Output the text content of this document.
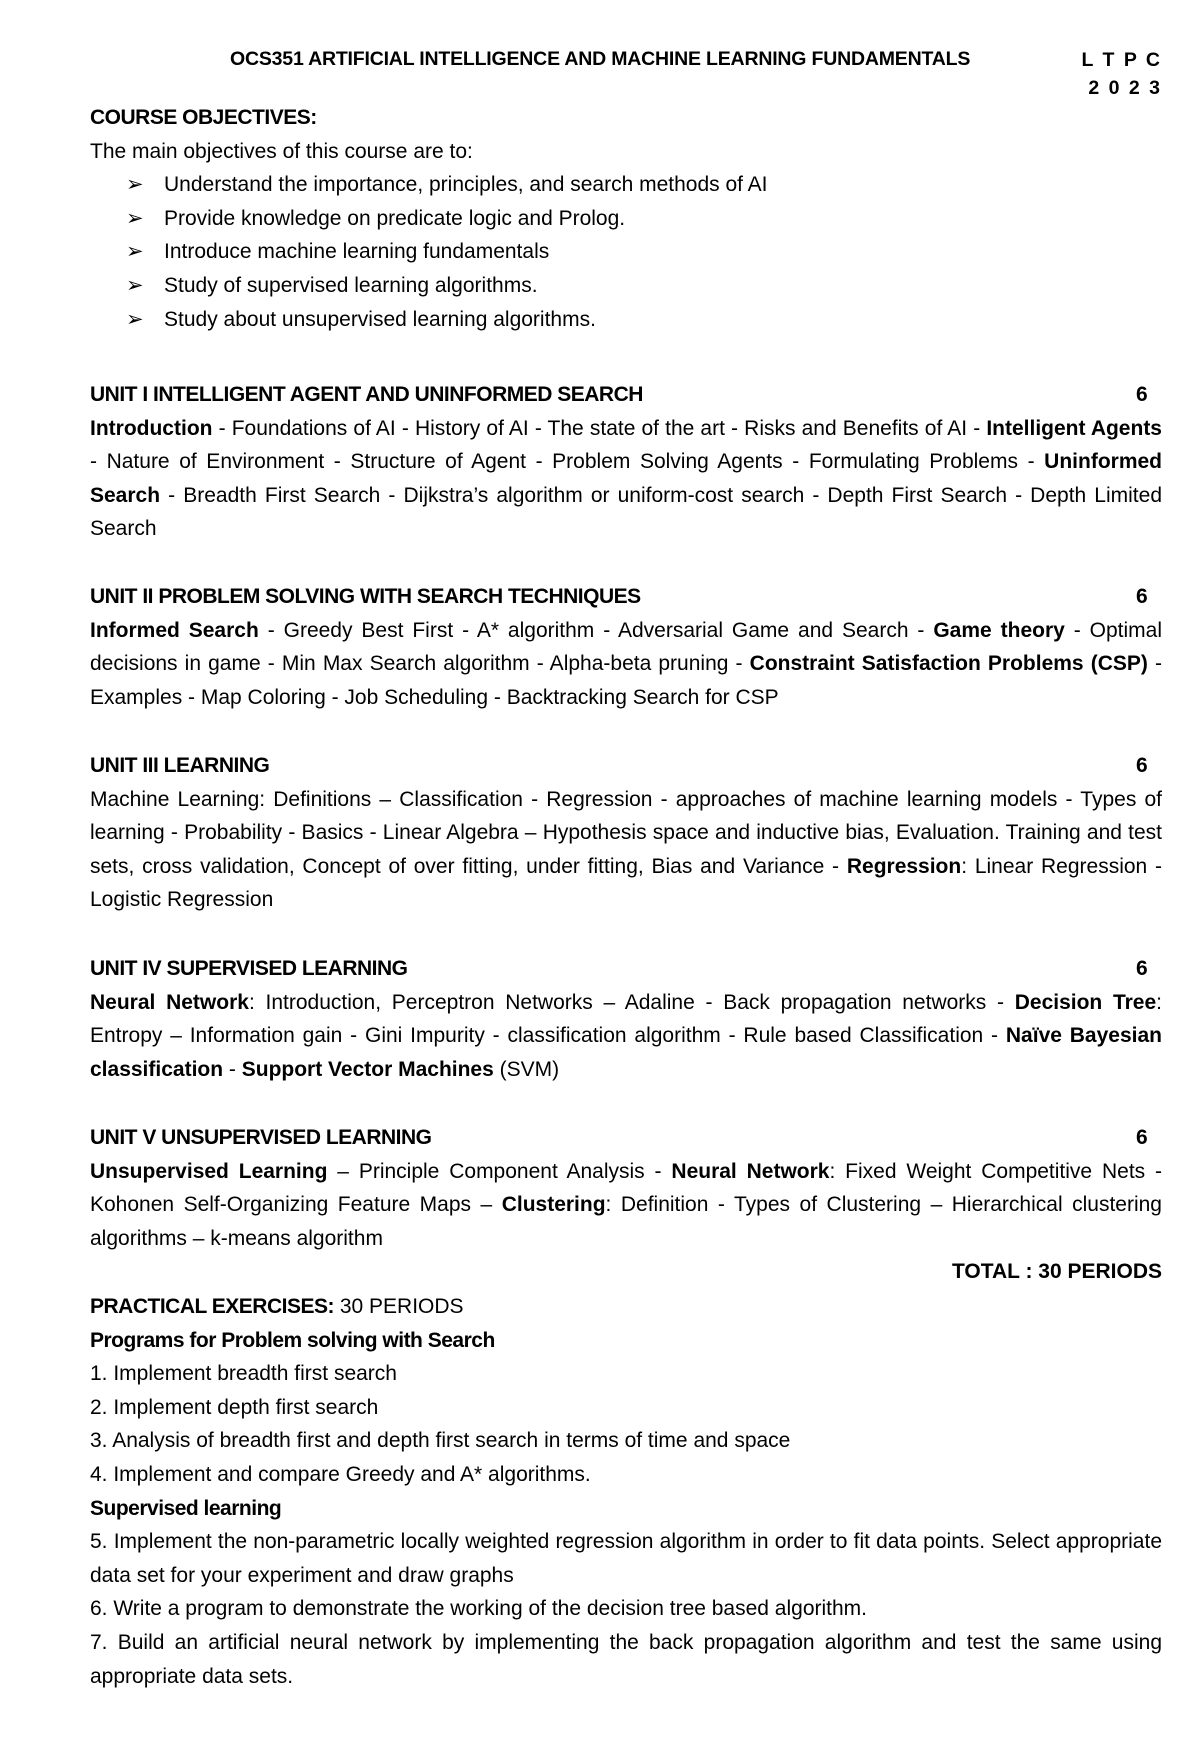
OCS351 ARTIFICIAL INTELLIGENCE AND MACHINE LEARNING FUNDAMENTALS	L T P C
2 0 2 3
COURSE OBJECTIVES:
The main objectives of this course are to:
➢ Understand the importance, principles, and search methods of AI
➢ Provide knowledge on predicate logic and Prolog.
➢ Introduce machine learning fundamentals
➢ Study of supervised learning algorithms.
➢ Study about unsupervised learning algorithms.
UNIT I INTELLIGENT AGENT AND UNINFORMED SEARCH	6
Introduction - Foundations of AI - History of AI - The state of the art - Risks and Benefits of AI - Intelligent Agents - Nature of Environment - Structure of Agent - Problem Solving Agents - Formulating Problems - Uninformed Search - Breadth First Search - Dijkstra’s algorithm or uniform-cost search - Depth First Search - Depth Limited Search
UNIT II PROBLEM SOLVING WITH SEARCH TECHNIQUES	6
Informed Search - Greedy Best First - A* algorithm - Adversarial Game and Search - Game theory - Optimal decisions in game - Min Max Search algorithm - Alpha-beta pruning - Constraint Satisfaction Problems (CSP) - Examples - Map Coloring - Job Scheduling - Backtracking Search for CSP
UNIT III LEARNING	6
Machine Learning: Definitions – Classification - Regression - approaches of machine learning models - Types of learning - Probability - Basics - Linear Algebra – Hypothesis space and inductive bias, Evaluation. Training and test sets, cross validation, Concept of over fitting, under fitting, Bias and Variance - Regression: Linear Regression - Logistic Regression
UNIT IV SUPERVISED LEARNING	6
Neural Network: Introduction, Perceptron Networks – Adaline - Back propagation networks - Decision Tree: Entropy – Information gain - Gini Impurity - classification algorithm - Rule based Classification - Naïve Bayesian classification - Support Vector Machines (SVM)
UNIT V UNSUPERVISED LEARNING	6
Unsupervised Learning – Principle Component Analysis - Neural Network: Fixed Weight Competitive Nets - Kohonen Self-Organizing Feature Maps – Clustering: Definition - Types of Clustering – Hierarchical clustering algorithms – k-means algorithm
TOTAL : 30 PERIODS
PRACTICAL EXERCISES: 30 PERIODS
Programs for Problem solving with Search
1. Implement breadth first search
2. Implement depth first search
3. Analysis of breadth first and depth first search in terms of time and space
4. Implement and compare Greedy and A* algorithms.
Supervised learning
5. Implement the non-parametric locally weighted regression algorithm in order to fit data points. Select appropriate data set for your experiment and draw graphs
6. Write a program to demonstrate the working of the decision tree based algorithm.
7. Build an artificial neural network by implementing the back propagation algorithm and test the same using appropriate data sets.
